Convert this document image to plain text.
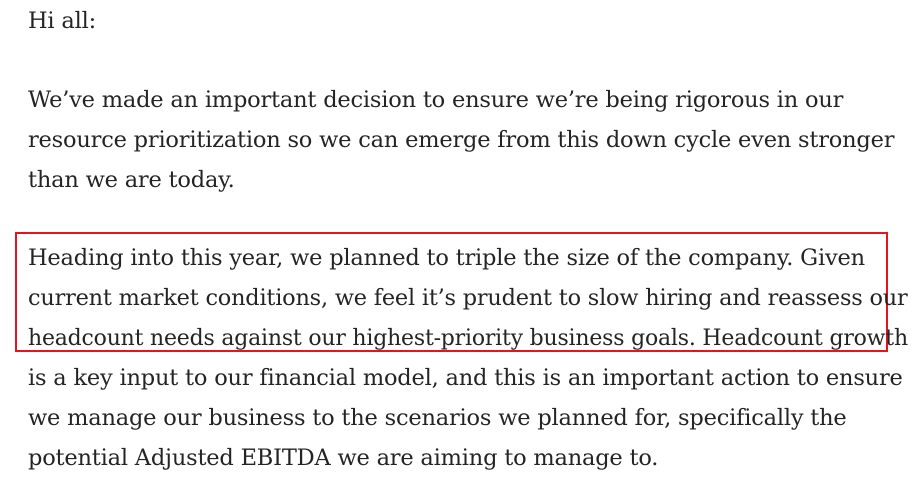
Hi all:
We’ve made an important decision to ensure we’re being rigorous in our
resource prioritization so we can emerge from this down cycle even stronger
than we are today.
Heading into this year, we planned to triple the size of the company. Given
current market conditions, we feel it’s prudent to slow hiring and reassess our
headcount needs against our highest-priority business goals. Headcount growth
is a key input to our financial model, and this is an important action to ensure
we manage our business to the scenarios we planned for, specifically the
potential Adjusted EBITDA we are aiming to manage to.
